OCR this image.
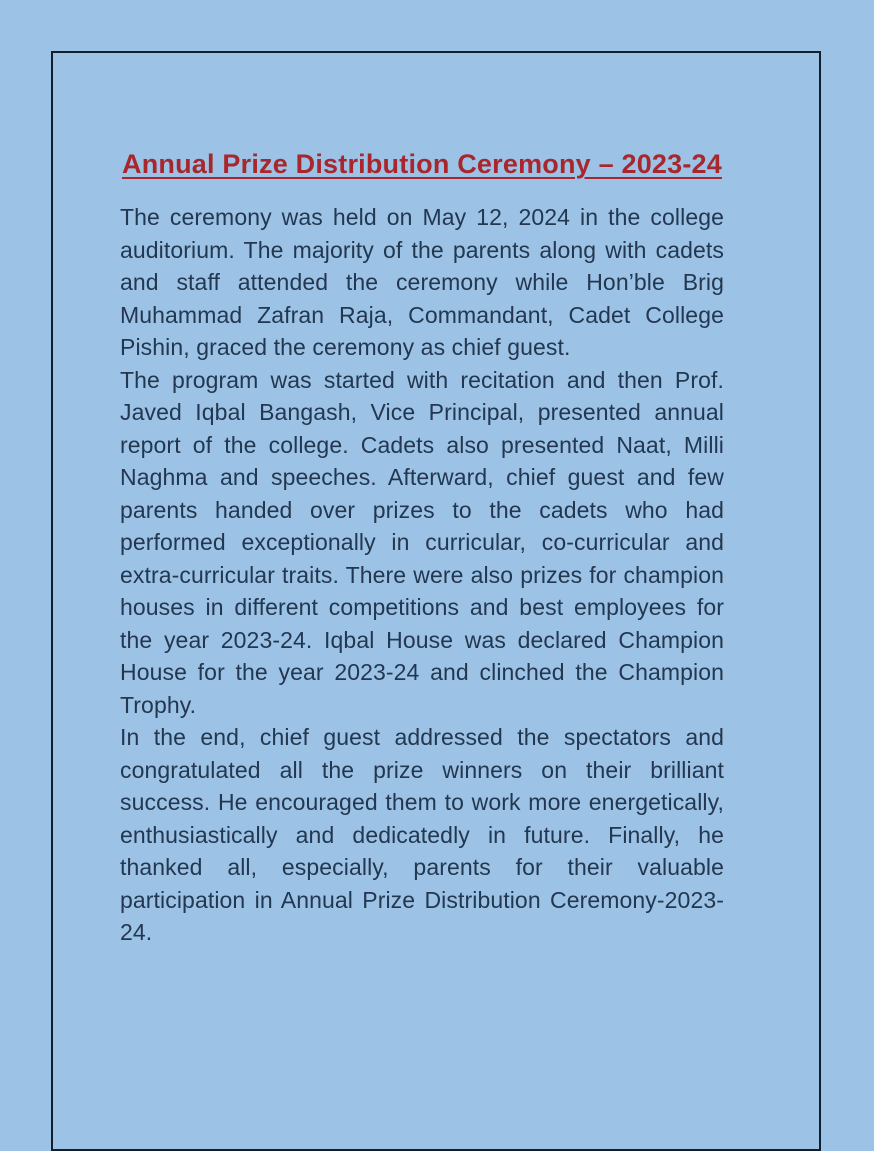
Annual Prize Distribution Ceremony – 2023-24

The ceremony was held on May 12, 2024 in the college auditorium. The majority of the parents along with cadets and staff attended the ceremony while Hon’ble Brig Muhammad Zafran Raja, Commandant, Cadet College Pishin, graced the ceremony as chief guest.

The program was started with recitation and then Prof. Javed Iqbal Bangash, Vice Principal, presented annual report of the college. Cadets also presented Naat, Milli Naghma and speeches. Afterward, chief guest and few parents handed over prizes to the cadets who had performed exceptionally in curricular, co-curricular and extra-curricular traits. There were also prizes for champion houses in different competitions and best employees for the year 2023-24. Iqbal House was declared Champion House for the year 2023-24 and clinched the Champion Trophy.

In the end, chief guest addressed the spectators and congratulated all the prize winners on their brilliant success. He encouraged them to work more energetically, enthusiastically and dedicatedly in future. Finally, he thanked all, especially, parents for their valuable participation in Annual Prize Distribution Ceremony-2023-24.
